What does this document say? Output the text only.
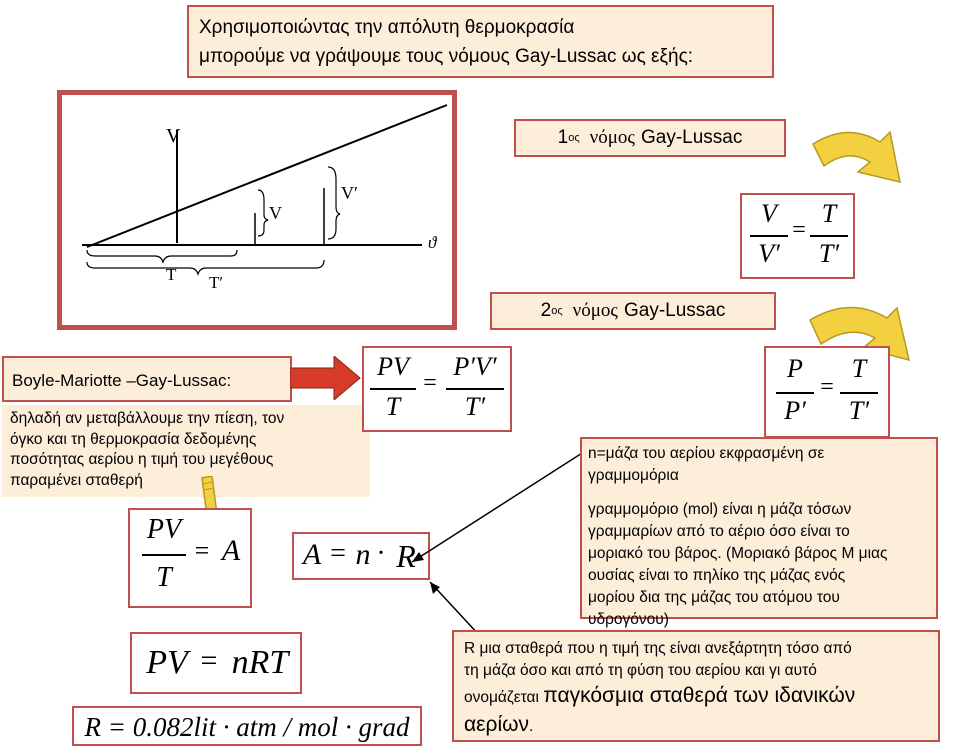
Χρησιμοποιώντας την απόλυτη θερμοκρασία
μπορούμε να γράψουμε τους νόμους Gay-Lussac ως εξής:
V
ϑ
V
V′
T T′
1 ος νόμος Gay-Lussac
V
V′
=
T
T′
2 ος νόμος Gay-Lussac
P
P′
=
T
T′
Boyle-Mariotte –Gay-Lussac:

δηλαδή αν μεταβάλλουμε την πίεση, τον

όγκο και τη θερμοκρασία δεδομένης

ποσότητας αερίου η τιμή του μεγέθους

παραμένει σταθερή

PV
T
=
P′V′
T′
PV
T
= A A = n · R

n=μάζα του αερίου εκφρασμένη σε

γραμμομόρια

γραμμομόριο (mol) είναι η μάζα τόσων

γραμμαρίων από το αέριο όσο είναι το

μοριακό του βάρος. (Μοριακό βάρος Μ μιας

ουσίας είναι το πηλίκο της μάζας ενός

μορίου δια της μάζας του ατόμου του

υδρογόνου)

PV = nRT
R = 0.082lit · atm / mol · grad

R μια σταθερά που η τιμή της είναι ανεξάρτητη τόσο από

τη μάζα όσο και από τη φύση του αερίου και γι αυτό

ονομάζεται παγκόσμια σταθερά των ιδανικών

αερίων.
